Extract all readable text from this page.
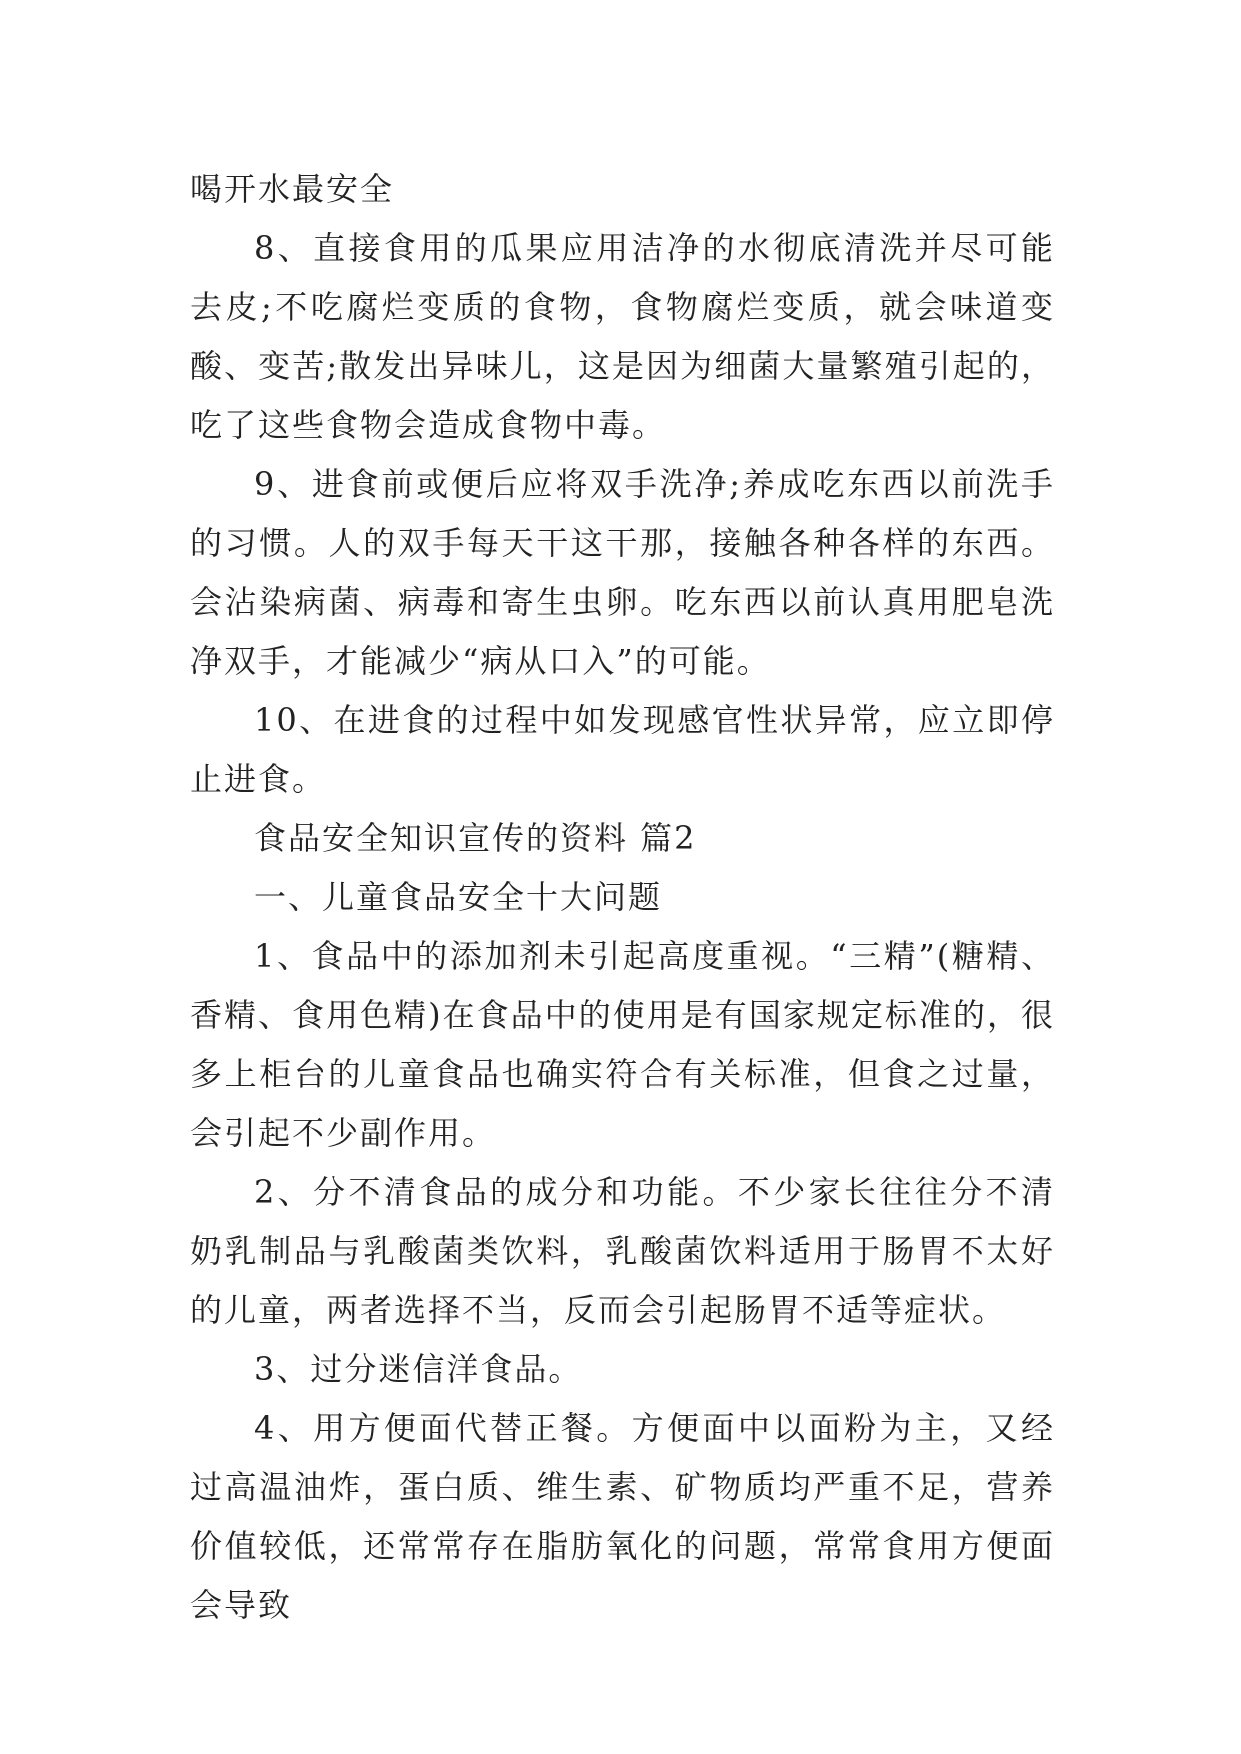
喝开水最安全

8、直接食用的瓜果应用洁净的水彻底清洗并尽可能去皮;不吃腐烂变质的食物，食物腐烂变质，就会味道变酸、变苦;散发出异味儿，这是因为细菌大量繁殖引起的，吃了这些食物会造成食物中毒。

9、进食前或便后应将双手洗净;养成吃东西以前洗手的习惯。人的双手每天干这干那，接触各种各样的东西。会沾染病菌、病毒和寄生虫卵。吃东西以前认真用肥皂洗净双手，才能减少“病从口入”的可能。

10、在进食的过程中如发现感官性状异常，应立即停止进食。

食品安全知识宣传的资料 篇2

一、儿童食品安全十大问题

1、食品中的添加剂未引起高度重视。“三精”(糖精、香精、食用色精)在食品中的使用是有国家规定标准的，很多上柜台的儿童食品也确实符合有关标准，但食之过量，会引起不少副作用。

2、分不清食品的成分和功能。不少家长往往分不清奶乳制品与乳酸菌类饮料，乳酸菌饮料适用于肠胃不太好的儿童，两者选择不当，反而会引起肠胃不适等症状。

3、过分迷信洋食品。

4、用方便面代替正餐。方便面中以面粉为主，又经过高温油炸，蛋白质、维生素、矿物质均严重不足，营养价值较低，还常常存在脂肪氧化的问题，常常食用方便面会导致
